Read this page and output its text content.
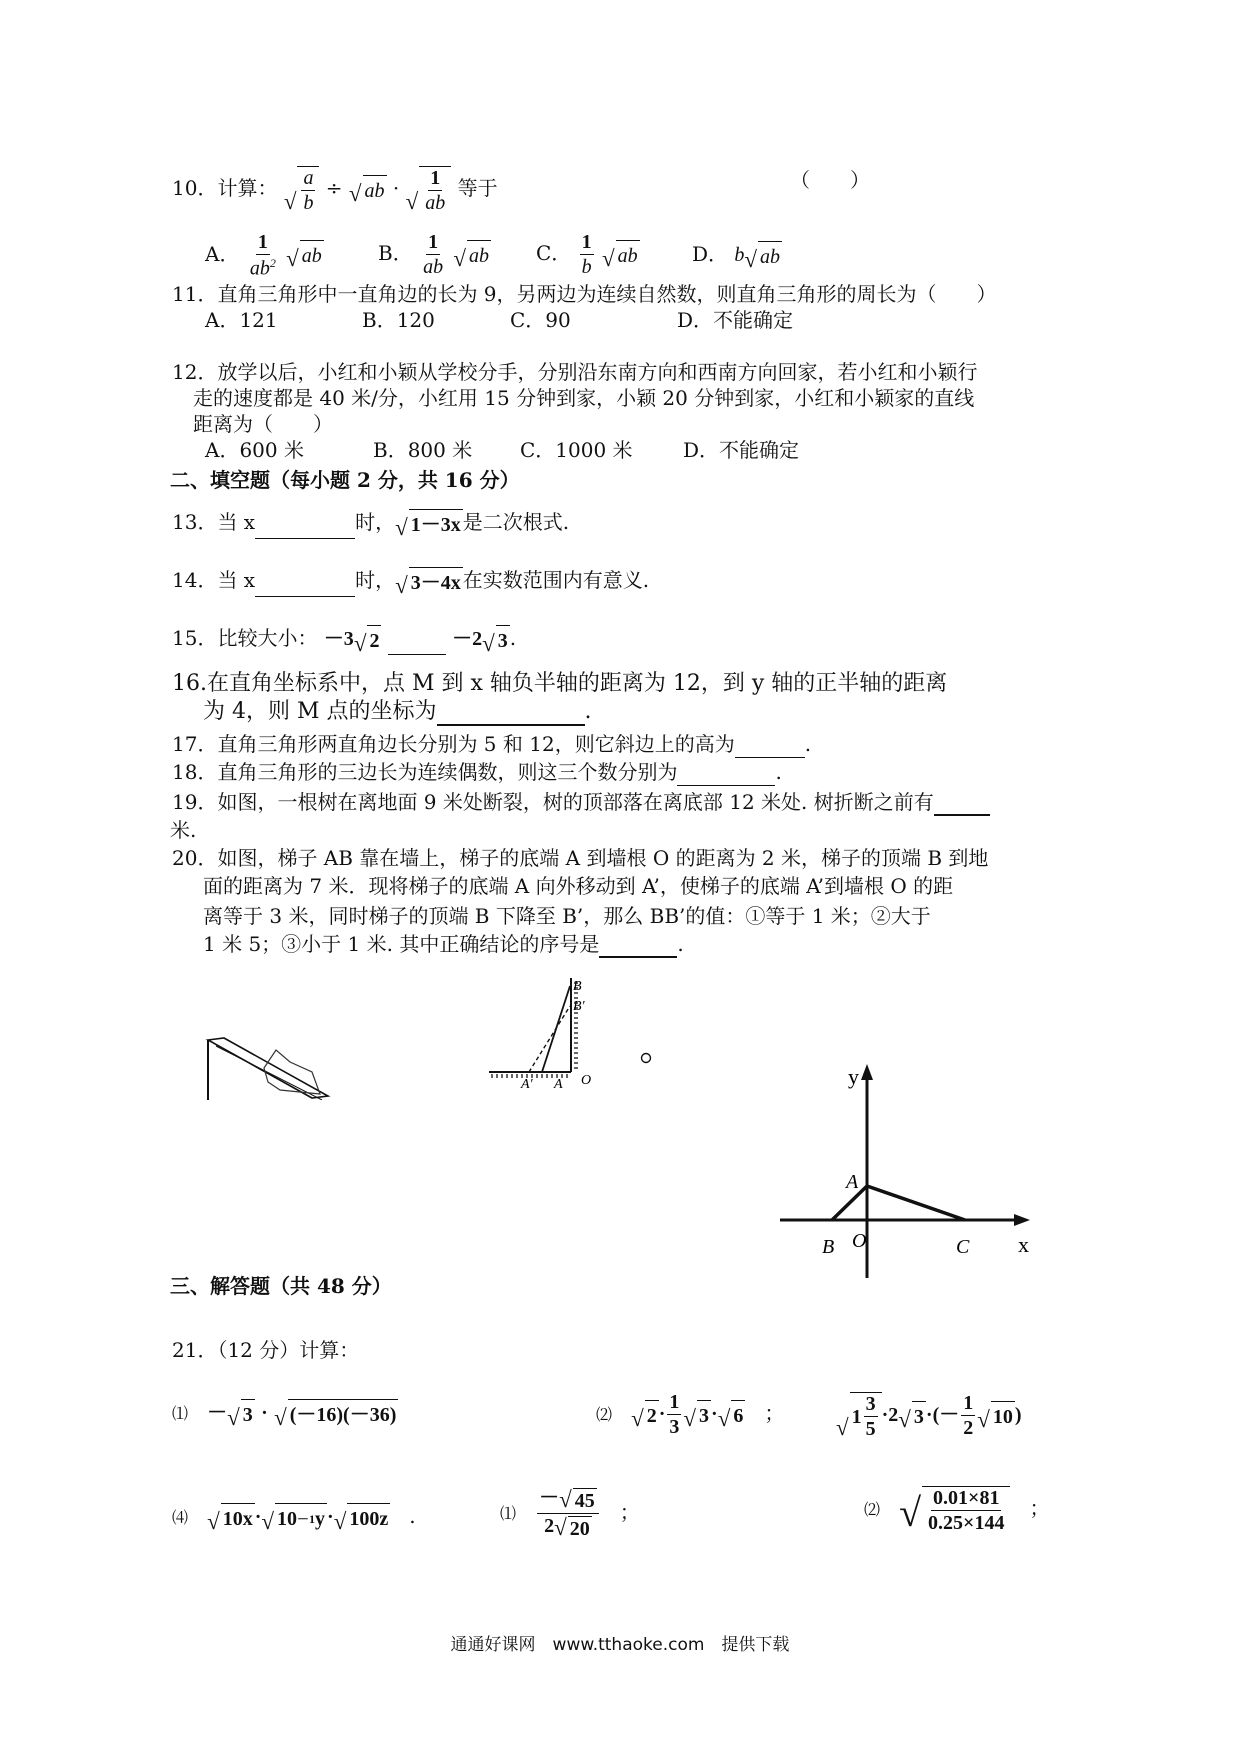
10．计算：
√ $\frac{a}{b}$ ÷ √ ab ·
√ $\frac{1}{ab}$ 等于	（　　）
A． $\frac{1}{ab^2}$
√ ab	B． $\frac{1}{ab}$
√ ab C． $\frac{1}{b}$
√ ab	D． b √ ab
11．直角三角形中一直角边的长为 9，另两边为连续自然数，则直角三角形的周长为（　　）
A．121	B．120	C．90	D．不能确定
12．放学以后，小红和小颖从学校分手，分别沿东南方向和西南方向回家，若小红和小颖行
走的速度都是 40 米/分，小红用 15 分钟到家，小颖 20 分钟到家，小红和小颖家的直线
距离为（　　）
A．600 米	B．800 米 C．1000 米	D．不能确定
二、填空题（每小题 2 分，共 16 分）
13．当 x	时， √ 1－3x 是二次根式.
14．当 x	时， √ 3－4x 在实数范围内有意义.
15．比较大小： －3 √ 2	－2 √ 3 .
16.在直角坐标系中，点 M 到 x 轴负半轴的距离为 12，到 y 轴的正半轴的距离
为 4，则 M 点的坐标为	.
17．直角三角形两直角边长分别为 5 和 12，则它斜边上的高为	.
18．直角三角形的三边长为连续偶数，则这三个数分别为	.
19．如图，一根树在离地面 9 米处断裂，树的顶部落在离底部 12 米处. 树折断之前有
米.
20．如图，梯子 AB 靠在墙上，梯子的底端 A 到墙根 O 的距离为 2 米，梯子的顶端 B 到地
面的距离为 7 米．现将梯子的底端 A 向外移动到 A’，使梯子的底端 A’到墙根 O 的距
离等于 3 米，同时梯子的顶端 B 下降至 B’，那么 BB’的值：①等于 1 米；②大于
1 米 5；③小于 1 米. 其中正确结论的序号是	.
A
A′	O
B
B′
y
x
A
B O	C
三、解答题（共 48 分）
21．（12 分）计算：
⑴ － √ 3 · √ (－16)(－36)	⑵ √ $2 \cdot \frac{1}{3}$ √ 3 · √ 6 ；
√ $1 \frac{3}{5} \cdot 2$ √ 3 ·(－ $\frac{1}{2}$ √ 10 )
⑷ √ 10x · √ 10 －1 y · √ 100z .	⑴ $\frac{- √ 45}{2 √ 20}$ ；	⑵ √ $\frac{0.01\times 81}{0.25\times 144}$ ；
通通好课网　www.tthaoke.com　提供下载
